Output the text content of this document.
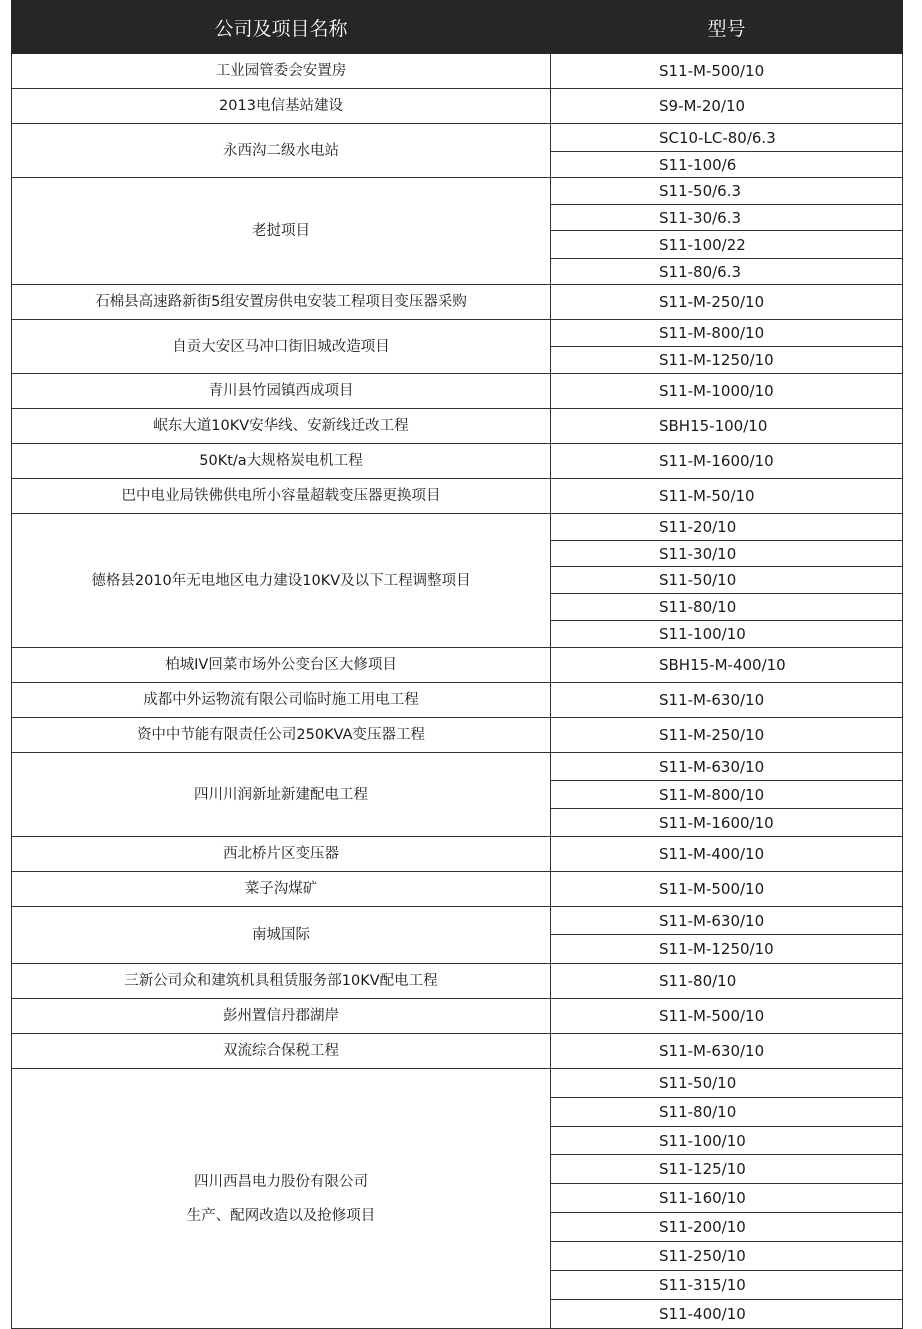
公司及项目名称	型号

工业园管委会安置房	S11-M-500/10

2013电信基站建设	S9-M-20/10

永西沟二级水电站	SC10-LC-80/6.3
	S11-100/6

老挝项目	S11-50/6.3
	S11-30/6.3
	S11-100/22
	S11-80/6.3

石棉县高速路新街5组安置房供电安装工程项目变压器采购	S11-M-250/10

自贡大安区马冲口街旧城改造项目	S11-M-800/10
	S11-M-1250/10

青川县竹园镇西成项目	S11-M-1000/10

岷东大道10KV安华线、安新线迁改工程	SBH15-100/10

50Kt/a大规格炭电机工程	S11-M-1600/10

巴中电业局铁佛供电所小容量超载变压器更换项目	S11-M-50/10

德格县2010年无电地区电力建设10KV及以下工程调整项目	S11-20/10
	S11-30/10
	S11-50/10
	S11-80/10
	S11-100/10

柏城IV回菜市场外公变台区大修项目	SBH15-M-400/10

成都中外运物流有限公司临时施工用电工程	S11-M-630/10

资中中节能有限责任公司250KVA变压器工程	S11-M-250/10

四川川润新址新建配电工程	S11-M-630/10
	S11-M-800/10
	S11-M-1600/10

西北桥片区变压器	S11-M-400/10

菜子沟煤矿	S11-M-500/10

南城国际	S11-M-630/10
	S11-M-1250/10

三新公司众和建筑机具租赁服务部10KV配电工程	S11-80/10

彭州置信丹郡湖岸	S11-M-500/10

双流综合保税工程	S11-M-630/10

四川西昌电力股份有限公司
生产、配网改造以及抢修项目	S11-50/10
	S11-80/10
	S11-100/10
	S11-125/10
	S11-160/10
	S11-200/10
	S11-250/10
	S11-315/10
	S11-400/10
